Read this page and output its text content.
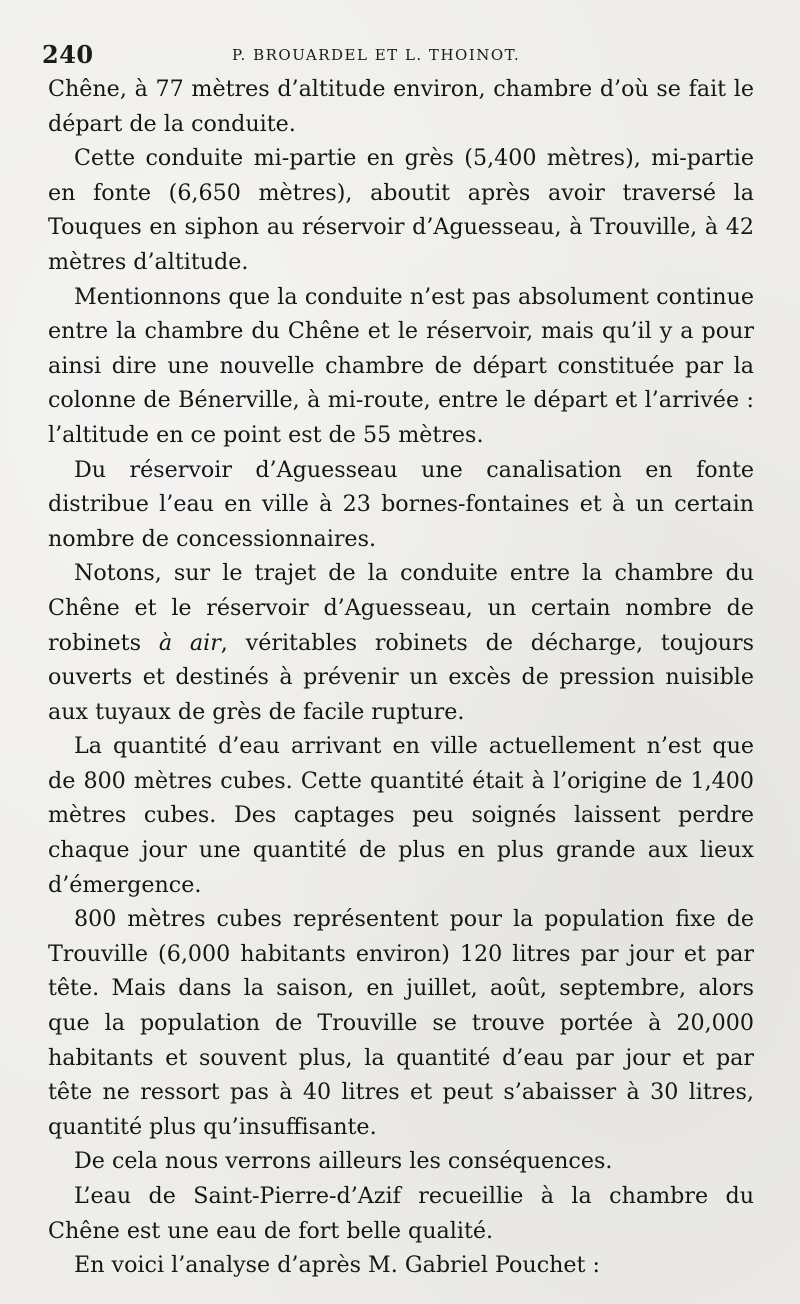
240	P. BROUARDEL ET L. THOINOT.

Chêne, à 77 mètres d’altitude environ, chambre d’où se fait le départ de la conduite.

Cette conduite mi-partie en grès (5,400 mètres), mi-partie en fonte (6,650 mètres), aboutit après avoir traversé la Touques en siphon au réservoir d’Aguesseau, à Trouville, à 42 mètres d’altitude.

Mentionnons que la conduite n’est pas absolument continue entre la chambre du Chêne et le réservoir, mais qu’il y a pour ainsi dire une nouvelle chambre de départ constituée par la colonne de Bénerville, à mi-route, entre le départ et l’arrivée : l’altitude en ce point est de 55 mètres.

Du réservoir d’Aguesseau une canalisation en fonte distribue l’eau en ville à 23 bornes-fontaines et à un certain nombre de concessionnaires.

Notons, sur le trajet de la conduite entre la chambre du Chêne et le réservoir d’Aguesseau, un certain nombre de robinets à air, véritables robinets de décharge, toujours ouverts et destinés à prévenir un excès de pression nuisible aux tuyaux de grès de facile rupture.

La quantité d’eau arrivant en ville actuellement n’est que de 800 mètres cubes. Cette quantité était à l’origine de 1,400 mètres cubes. Des captages peu soignés laissent perdre chaque jour une quantité de plus en plus grande aux lieux d’émergence.

800 mètres cubes représentent pour la population fixe de Trouville (6,000 habitants environ) 120 litres par jour et par tête. Mais dans la saison, en juillet, août, septembre, alors que la population de Trouville se trouve portée à 20,000 habitants et souvent plus, la quantité d’eau par jour et par tête ne ressort pas à 40 litres et peut s’abaisser à 30 litres, quantité plus qu’insuffisante.

De cela nous verrons ailleurs les conséquences.

L’eau de Saint-Pierre-d’Azif recueillie à la chambre du Chêne est une eau de fort belle qualité.

En voici l’analyse d’après M. Gabriel Pouchet :
